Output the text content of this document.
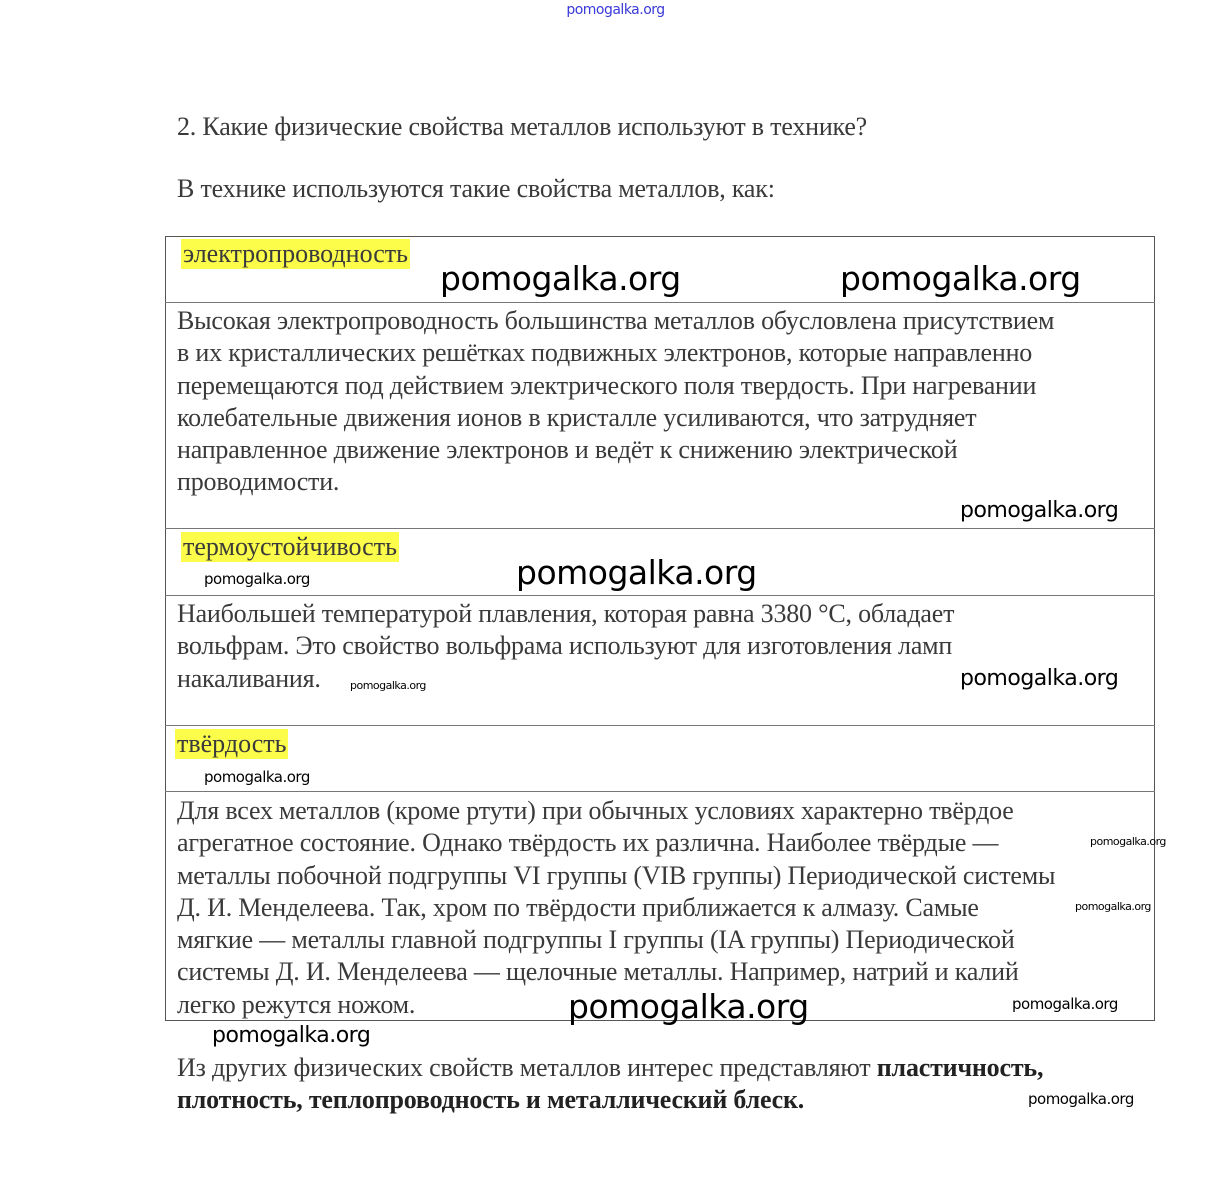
pomogalka.org
2. Какие физические свойства металлов используют в технике?
В технике используются такие свойства металлов, как:
электропроводность
Высокая электропроводность большинства металлов обусловлена присутствием
в их кристаллических решётках подвижных электронов, которые направленно
перемещаются под действием электрического поля твердость. При нагревании
колебательные движения ионов в кристалле усиливаются, что затрудняет
направленное движение электронов и ведёт к снижению электрической
проводимости.
термоустойчивость
Наибольшей температурой плавления, которая равна 3380 °С, обладает
вольфрам. Это свойство вольфрама используют для изготовления ламп
накаливания.
твёрдость
Для всех металлов (кроме ртути) при обычных условиях характерно твёрдое
агрегатное состояние. Однако твёрдость их различна. Наиболее твёрдые —
металлы побочной подгруппы VI группы (VIB группы) Периодической системы
Д. И. Менделеева. Так, хром по твёрдости приближается к алмазу. Самые
мягкие — металлы главной подгруппы I группы (IA группы) Периодической
системы Д. И. Менделеева — щелочные металлы. Например, натрий и калий
легко режутся ножом.
Из других физических свойств металлов интерес представляют пластичность,
плотность, теплопроводность и металлический блеск.
pomogalka.org	pomogalka.org
pomogalka.org
pomogalka.org	pomogalka.org
pomogalka.org
pomogalka.org
pomogalka.org
pomogalka.org
pomogalka.org
pomogalka.org
pomogalka.org
pomogalka.org
pomogalka.org
